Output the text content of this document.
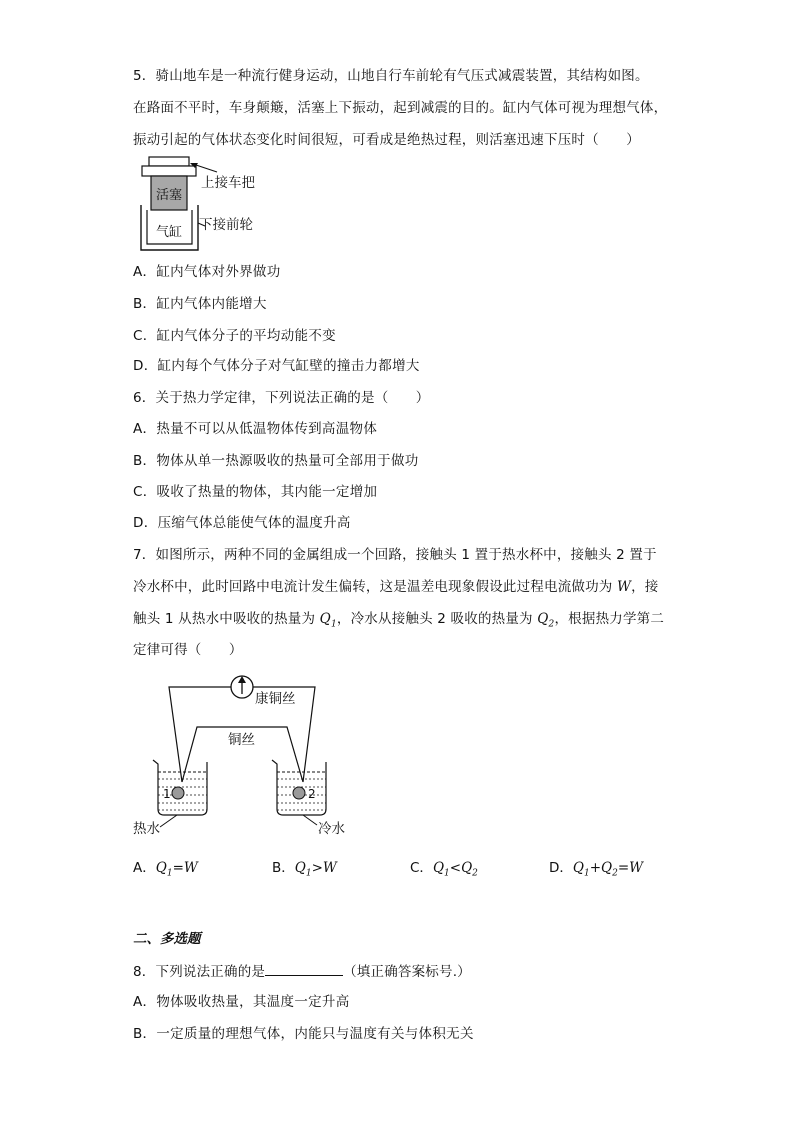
5．骑山地车是一种流行健身运动，山地自行车前轮有气压式减震装置，其结构如图。
在路面不平时，车身颠簸，活塞上下振动，起到减震的目的。缸内气体可视为理想气体，
振动引起的气体状态变化时间很短，可看成是绝热过程，则活塞迅速下压时（　　）
活塞
气缸
上接车把
下接前轮
A．缸内气体对外界做功
B．缸内气体内能增大
C．缸内气体分子的平均动能不变
D．缸内每个气体分子对气缸壁的撞击力都增大
6．关于热力学定律，下列说法正确的是（　　）
A．热量不可以从低温物体传到高温物体
B．物体从单一热源吸收的热量可全部用于做功
C．吸收了热量的物体，其内能一定增加
D．压缩气体总能使气体的温度升高
7．如图所示，两种不同的金属组成一个回路，接触头 1 置于热水杯中，接触头 2 置于
冷水杯中，此时回路中电流计发生偏转，这是温差电现象假设此过程电流做功为 W，接
触头 1 从热水中吸收的热量为 $Q_1$，冷水从接触头 2 吸收的热量为 $Q_2$，根据热力学第二
定律可得（　　）
康铜丝
铜丝
1
热水
2
冷水
A．$Q_1=W$	B．$Q_1>W$	C．$Q_1<Q_2$	D．$Q_1+Q_2=W$
二、多选题
8．下列说法正确的是	（填正确答案标号.）
A．物体吸收热量，其温度一定升高
B．一定质量的理想气体，内能只与温度有关与体积无关
